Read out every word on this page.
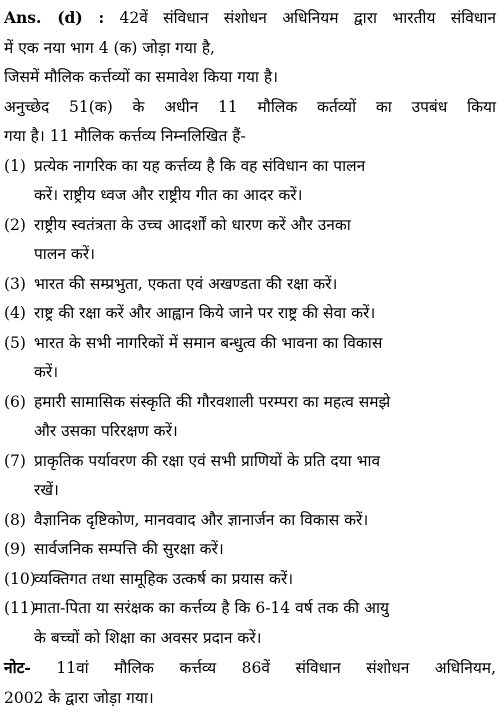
Ans. (d) : 42वें संविधान संशोधन अधिनियम द्वारा भारतीय संविधान

में एक नया भाग 4 (क) जोड़ा गया है,

जिसमें मौलिक कर्त्तव्यों का समावेश किया गया है।

अनुच्छेद 51(क) के अधीन 11 मौलिक कर्तव्यों का उपबंध किया

गया है। 11 मौलिक कर्त्तव्य निम्नलिखित हैं-

(1) प्रत्येक नागरिक का यह कर्त्तव्य है कि वह संविधान का पालन
करें। राष्ट्रीय ध्वज और राष्ट्रीय गीत का आदर करें।
(2) राष्ट्रीय स्वतंत्रता के उच्च आदर्शों को धारण करें और उनका
पालन करें।
(3) भारत की सम्प्रभुता, एकता एवं अखण्डता की रक्षा करें।
(4) राष्ट्र की रक्षा करें और आह्वान किये जाने पर राष्ट्र की सेवा करें।
(5) भारत के सभी नागरिकों में समान बन्धुत्व की भावना का विकास
करें।
(6) हमारी सामासिक संस्कृति की गौरवशाली परम्परा का महत्व समझे
और उसका परिरक्षण करें।
(7) प्राकृतिक पर्यावरण की रक्षा एवं सभी प्राणियों के प्रति दया भाव
रखें।
(8) वैज्ञानिक दृष्टिकोण, मानववाद और ज्ञानार्जन का विकास करें।
(9) सार्वजनिक सम्पत्ति की सुरक्षा करें।
(10)
व्यक्तिगत तथा सामूहिक उत्कर्ष का प्रयास करें।
(11)
माता-पिता या सरंक्षक का कर्त्तव्य है कि 6-14 वर्ष तक की आयु
के बच्चों को शिक्षा का अवसर प्रदान करें।

नोट- 11वां मौलिक कर्त्तव्य 86वें संविधान संशोधन अधिनियम,

2002 के द्वारा जोड़ा गया।
